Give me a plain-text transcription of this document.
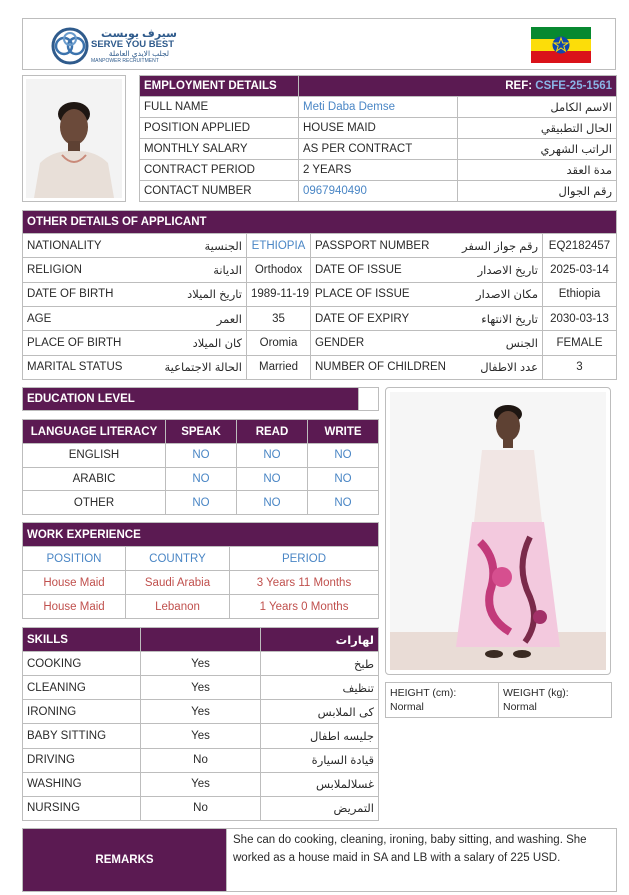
سيرف يوبست
SERVE YOU BEST
لجلب الايدي العاملة
MANPOWER RECRUITMENT
EMPLOYMENT DETAILS	REF: CSFE-25-1561	
FULL NAME	Meti Daba Demse	الاسم الكامل
POSITION APPLIED	HOUSE MAID	الحال التطبيقي
MONTHLY SALARY	AS PER CONTRACT	الراتب الشهري
CONTRACT PERIOD	2 YEARS	مدة العقد
CONTACT NUMBER	0967940490	رقم الجوال
OTHER DETAILS OF APPLICANT					
NATIONALITY	الجنسية	ETHIOPIA	PASSPORT NUMBER	رقم جواز السفر	EQ2182457
RELIGION	الديانة	Orthodox	DATE OF ISSUE	تاريخ الاصدار	2025-03-14
DATE OF BIRTH	تاريخ الميلاد	1989-11-19	PLACE OF ISSUE	مكان الاصدار	Ethiopia
AGE	العمر	35	DATE OF EXPIRY	تاريخ الانتهاء	2030-03-13
PLACE OF BIRTH	كان الميلاد	Oromia	GENDER	الجنس	FEMALE
MARITAL STATUS	الحالة الاجتماعية	Married	NUMBER OF CHILDREN	عدد الاطفال	3
EDUCATION LEVEL	
LANGUAGE LITERACY	SPEAK	READ	WRITE
ENGLISH	NO	NO	NO
ARABIC	NO	NO	NO
OTHER	NO	NO	NO
WORK EXPERIENCE		
POSITION	COUNTRY	PERIOD
House Maid	Saudi Arabia	3 Years 11 Months
House Maid	Lebanon	1 Years 0 Months
SKILLS		لهارات
COOKING	Yes	طبخ
CLEANING	Yes	تنظيف
IRONING	Yes	كى الملابس
BABY SITTING	Yes	جليسه اطفال
DRIVING	No	قيادة السيارة
WASHING	Yes	غسلالملابس
NURSING	No	التمريض
HEIGHT (cm):
Normal

WEIGHT (kg):
Normal
REMARKS	She can do cooking, cleaning, ironing, baby sitting, and washing. She worked as a house maid in SA and LB with a salary of 225 USD.
